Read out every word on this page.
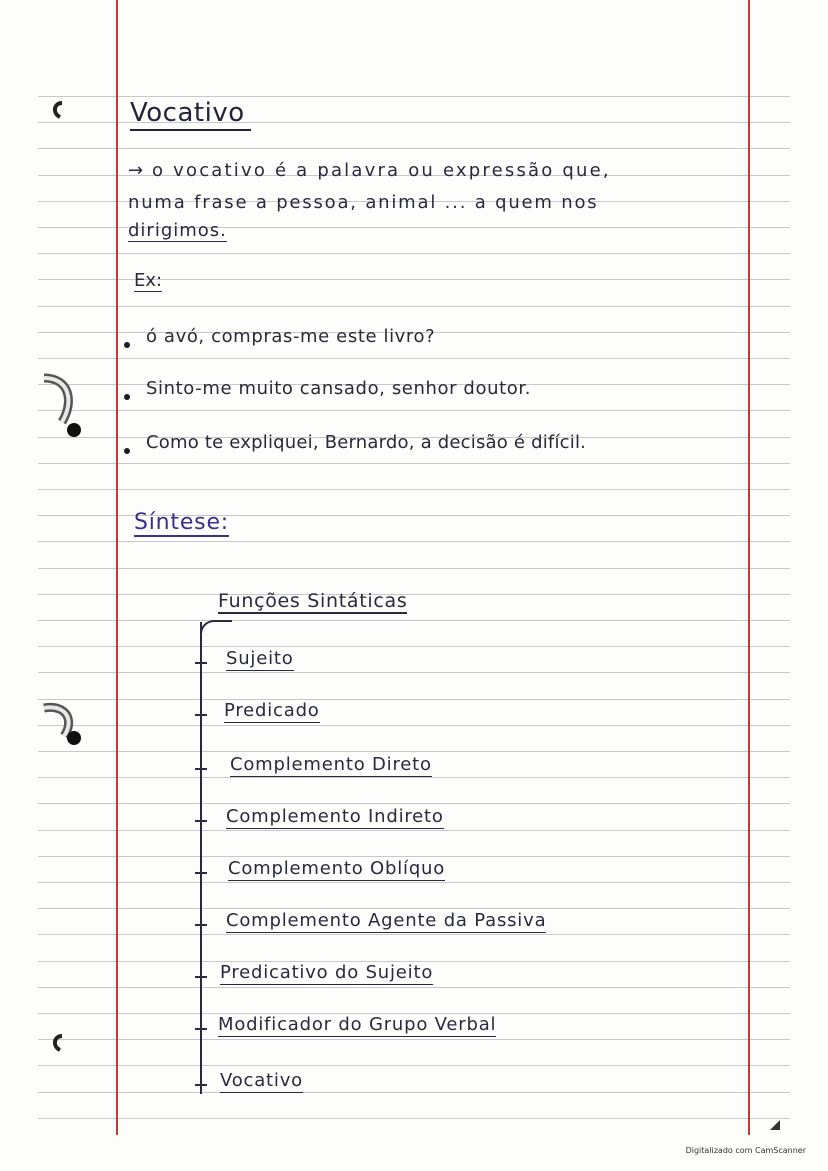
Vocativo
→ o vocativo é a palavra ou expressão que,
numa frase a pessoa, animal ... a quem nos
dirigimos.
Ex:
ó avó, compras-me este livro?
Sinto-me muito cansado, senhor doutor.
Como te expliquei, Bernardo, a decisão é difícil.
Síntese:
Funções Sintáticas
Sujeito
Predicado
Complemento Direto
Complemento Indireto
Complemento Oblíquo
Complemento Agente da Passiva
Predicativo do Sujeito
Modificador do Grupo Verbal
Vocativo
Digitalizado com CamScanner
